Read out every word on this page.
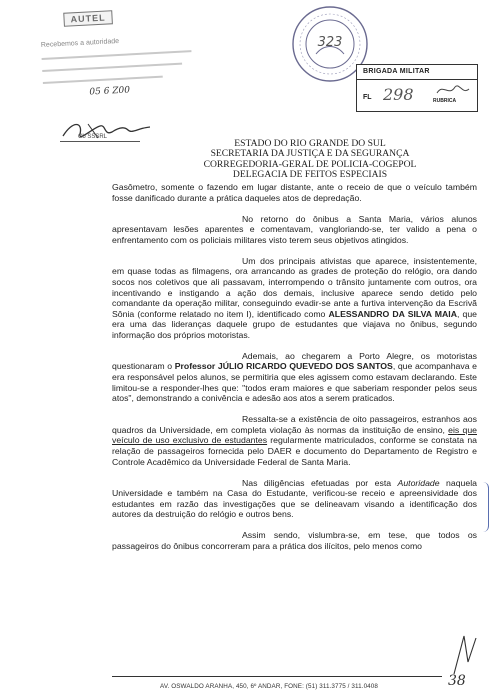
AUTEL
Recebemos a autoridade
05 6 Z00
Cb SSSRL
323
BRIGADA MILITAR
FL 298	RUBRICA
ESTADO DO RIO GRANDE DO SUL
SECRETARIA DA JUSTIÇA E DA SEGURANÇA
CORREGEDORIA-GERAL DE POLICIA-COGEPOL
DELEGACIA DE FEITOS ESPECIAIS

Gasômetro, somente o fazendo em lugar distante, ante o receio de que o veículo também fosse danificado durante a prática daqueles atos de depredação.

No retorno do ônibus a Santa Maria, vários alunos apresentavam lesões aparentes e comentavam, vangloriando-se, ter valido a pena o enfrentamento com os policiais militares visto terem seus objetivos atingidos.

Um dos principais ativistas que aparece, insistentemente, em quase todas as filmagens, ora arrancando as grades de proteção do relógio, ora dando socos nos coletivos que ali passavam, interrompendo o trânsito juntamente com outros, ora incentivando e instigando a ação dos demais, inclusive aparece sendo detido pelo comandante da operação militar, conseguindo evadir-se ante a furtiva intervenção da Escrivã Sônia (conforme relatado no item I), identificado como ALESSANDRO DA SILVA MAIA, que era uma das lideranças daquele grupo de estudantes que viajava no ônibus, segundo informação dos próprios motoristas.

Ademais, ao chegarem a Porto Alegre, os motoristas questionaram o Professor JÚLIO RICARDO QUEVEDO DOS SANTOS, que acompanhava e era responsável pelos alunos, se permitiria que eles agissem como estavam declarando. Este limitou-se a responder-lhes que: "todos eram maiores e que saberiam responder pelos seus atos", demonstrando a conivência e adesão aos atos a serem praticados.

Ressalta-se a existência de oito passageiros, estranhos aos quadros da Universidade, em completa violação às normas da instituição de ensino, eis que veículo de uso exclusivo de estudantes regularmente matriculados, conforme se constata na relação de passageiros fornecida pelo DAER e documento do Departamento de Registro e Controle Acadêmico da Universidade Federal de Santa Maria.

Nas diligências efetuadas por esta Autoridade naquela Universidade e também na Casa do Estudante, verificou-se receio e apreensividade dos estudantes em razão das investigações que se delineavam visando a identificação dos autores da destruição do relógio e outros bens.

Assim sendo, vislumbra-se, em tese, que todos os passageiros do ônibus concorreram para a prática dos ilícitos, pelo menos como

AV. OSWALDO ARANHA, 450, 6º ANDAR, FONE: (51) 311.3775 / 311.0408	38
